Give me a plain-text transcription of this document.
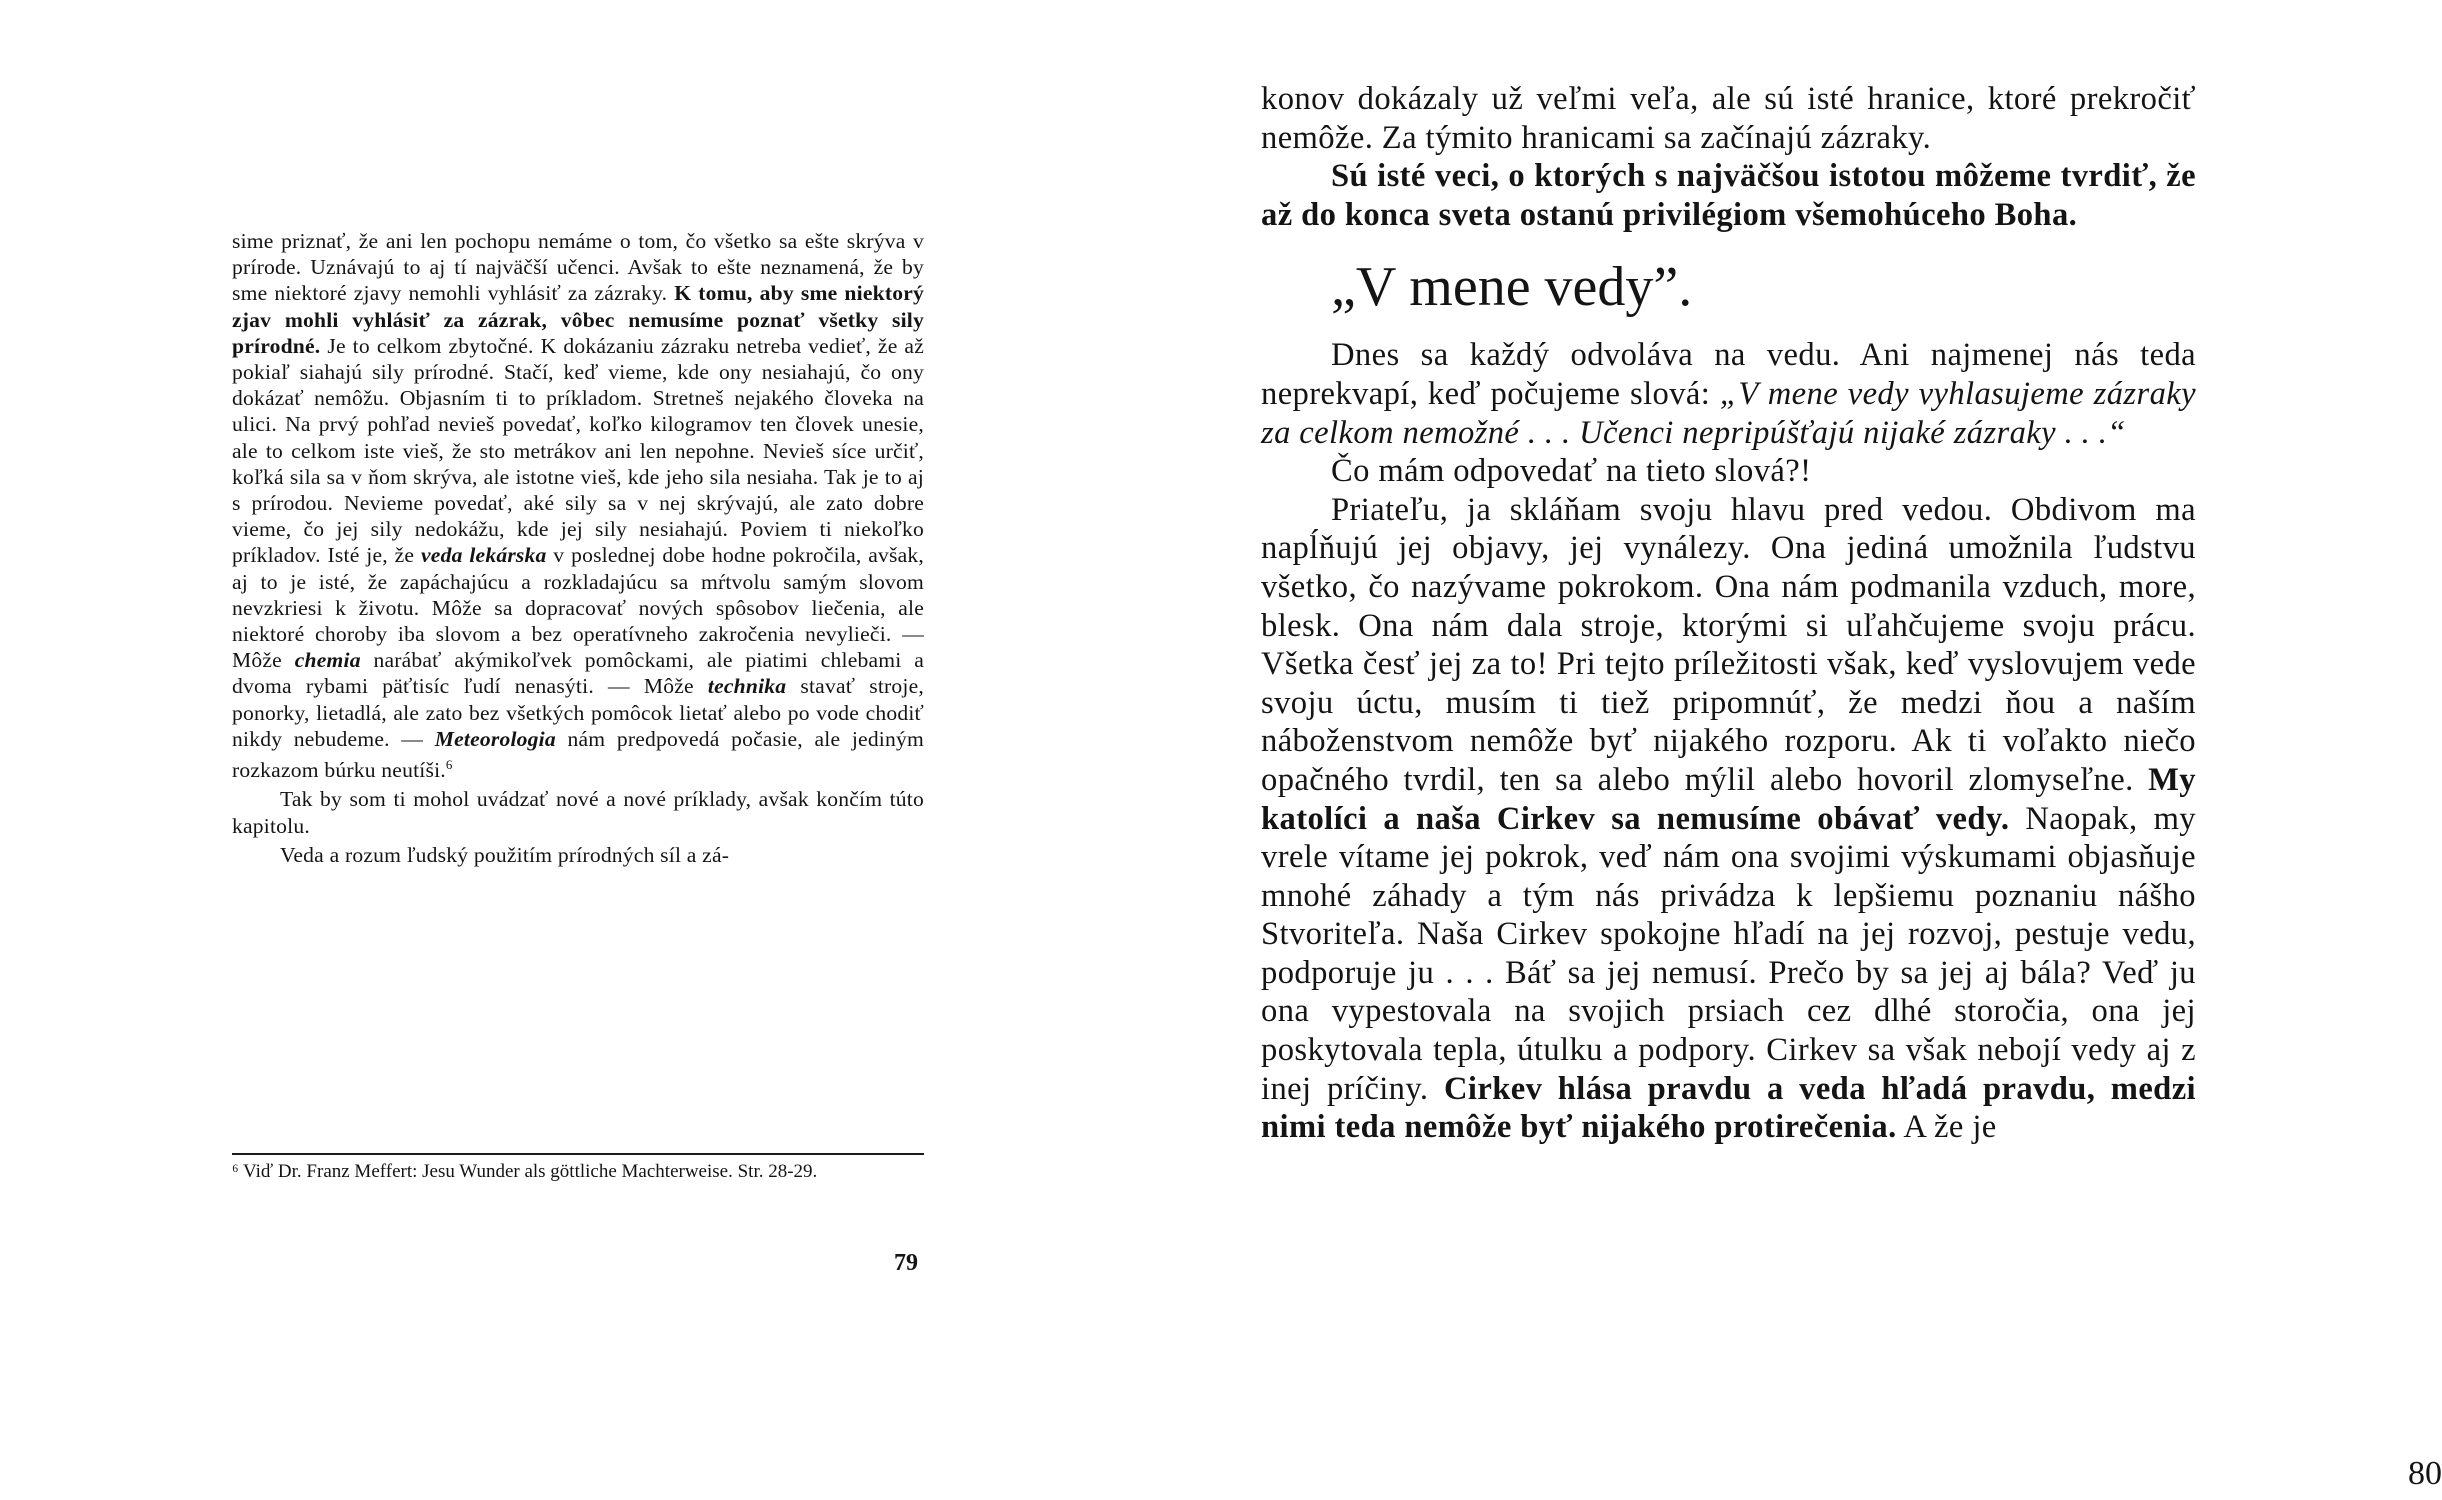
sime priznať, že ani len pochopu nemáme o tom, čo všetko sa ešte skrýva v prírode. Uznávajú to aj tí najväčší učenci. Avšak to ešte neznamená, že by sme niektoré zjavy nemohli vyhlásiť za zázraky. K tomu, aby sme niektorý zjav mohli vyhlásiť za zázrak, vôbec nemusíme poznať všetky sily prírodné. Je to celkom zbytočné. K dokázaniu zázraku netreba vedieť, že až pokiaľ siahajú sily prírodné. Stačí, keď vieme, kde ony nesiahajú, čo ony dokázať nemôžu. Objasním ti to príkladom. Stretneš nejakého človeka na ulici. Na prvý pohľad nevieš povedať, koľko kilogramov ten človek unesie, ale to celkom iste vieš, že sto metrákov ani len nepohne. Nevieš síce určiť, koľká sila sa v ňom skrýva, ale istotne vieš, kde jeho sila nesiaha. Tak je to aj s prírodou. Nevieme povedať, aké sily sa v nej skrývajú, ale zato dobre vieme, čo jej sily nedokážu, kde jej sily nesiahajú. Poviem ti niekoľko príkladov. Isté je, že veda lekárska v poslednej dobe hodne pokročila, avšak, aj to je isté, že zapáchajúcu a rozkladajúcu sa mŕtvolu samým slovom nevzkriesi k životu. Môže sa dopracovať nových spôsobov liečenia, ale niektoré choroby iba slovom a bez operatívneho zakročenia nevylieči. — Môže chemia narábať akýmikoľvek pomôckami, ale piatimi chlebami a dvoma rybami päťtisíc ľudí nenasýti. — Môže technika stavať stroje, ponorky, lietadlá, ale zato bez všetkých pomôcok lietať alebo po vode chodiť nikdy nebudeme. — Meteorologia nám predpovedá počasie, ale jediným rozkazom búrku neutíši.$^6$

Tak by som ti mohol uvádzať nové a nové príklady, avšak končím túto kapitolu.

Veda a rozum ľudský použitím prírodných síl a zá-

⁶ Viď Dr. Franz Meffert: Jesu Wunder als göttliche Machterweise. Str. 28-29.
79

konov dokázaly už veľmi veľa, ale sú isté hranice, ktoré prekročiť nemôže. Za týmito hranicami sa začínajú zázraky.

Sú isté veci, o ktorých s najväčšou istotou môžeme tvrdiť, že až do konca sveta ostanú privilégiom všemohúceho Boha.

„V mene vedy”.

Dnes sa každý odvoláva na vedu. Ani najmenej nás teda neprekvapí, keď počujeme slová: „V mene vedy vyhlasujeme zázraky za celkom nemožné . . . Učenci nepripúšťajú nijaké zázraky . . .“

Čo mám odpovedať na tieto slová?!

Priateľu, ja skláňam svoju hlavu pred vedou. Obdivom ma napĺňujú jej objavy, jej vynálezy. Ona jediná umožnila ľudstvu všetko, čo nazývame pokrokom. Ona nám podmanila vzduch, more, blesk. Ona nám dala stroje, ktorými si uľahčujeme svoju prácu. Všetka česť jej za to! Pri tejto príležitosti však, keď vyslovujem vede svoju úctu, musím ti tiež pripomnúť, že medzi ňou a naším náboženstvom nemôže byť nijakého rozporu. Ak ti voľakto niečo opačného tvrdil, ten sa alebo mýlil alebo hovoril zlomyseľne. My katolíci a naša Cirkev sa nemusíme obávať vedy. Naopak, my vrele vítame jej pokrok, veď nám ona svojimi výskumami objasňuje mnohé záhady a tým nás privádza k lepšiemu poznaniu nášho Stvoriteľa. Naša Cirkev spokojne hľadí na jej rozvoj, pestuje vedu, podporuje ju . . . Báť sa jej nemusí. Prečo by sa jej aj bála? Veď ju ona vypestovala na svojich prsiach cez dlhé storočia, ona jej poskytovala tepla, útulku a podpory. Cirkev sa však nebojí vedy aj z inej príčiny. Cirkev hlása pravdu a veda hľadá pravdu, medzi nimi teda nemôže byť nijakého protirečenia. A že je

80
